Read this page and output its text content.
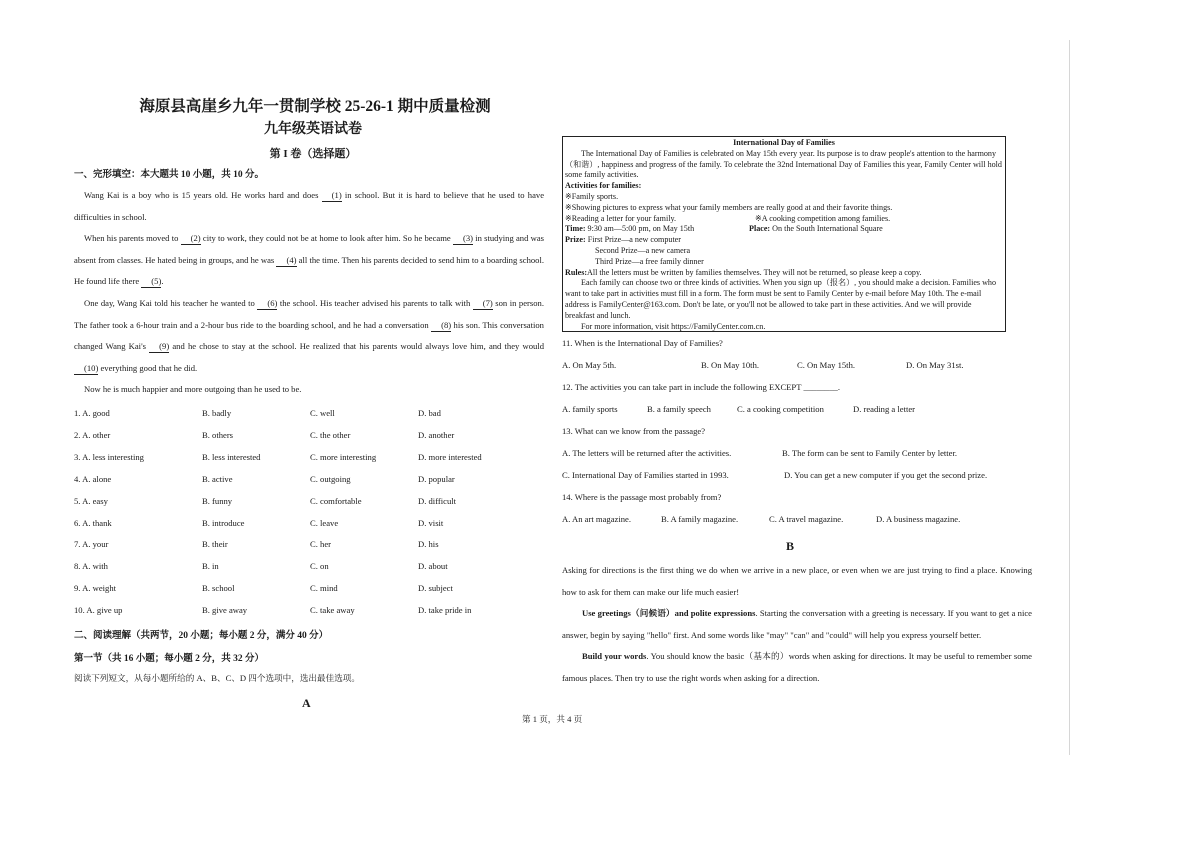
海原县高崖乡九年一贯制学校 25-26-1 期中质量检测
九年级英语试卷
第 I 卷（选择题）
一、完形填空：本大题共 10 小题，共 10 分。

Wang Kai is a boy who is 15 years old. He works hard and does (1) in school. But it is hard to believe that he used to have difficulties in school.

When his parents moved to (2) city to work, they could not be at home to look after him. So he became (3) in studying and was absent from classes. He hated being in groups, and he was (4) all the time. Then his parents decided to send him to a boarding school. He found life there (5).

One day, Wang Kai told his teacher he wanted to (6) the school. His teacher advised his parents to talk with (7) son in person. The father took a 6-hour train and a 2-hour bus ride to the boarding school, and he had a conversation (8) his son. This conversation changed Wang Kai's (9) and he chose to stay at the school. He realized that his parents would always love him, and they would (10) everything good that he did.

Now he is much happier and more outgoing than he used to be.

1. A. good	B. badly	C. well	D. bad
2. A. other	B. others	C. the other	D. another
3. A. less interesting	B. less interested	C. more interesting	D. more interested
4. A. alone	B. active	C. outgoing	D. popular
5. A. easy	B. funny	C. comfortable	D. difficult
6. A. thank	B. introduce	C. leave	D. visit
7. A. your	B. their	C. her	D. his
8. A. with	B. in	C. on	D. about
9. A. weight	B. school	C. mind	D. subject
10. A. give up	B. give away	C. take away	D. take pride in
二、阅读理解（共两节，20 小题；每小题 2 分，满分 40 分）
第一节（共 16 小题；每小题 2 分，共 32 分）
阅读下列短文，从每小题所给的 A、B、C、D 四个选项中，选出最佳选项。
A
International Day of Families

The International Day of Families is celebrated on May 15th every year. Its purpose is to draw people's attention to the harmony（和谐）, happiness and progress of the family. To celebrate the 32nd International Day of Families this year, Family Center will hold some family activities.

Activities for families:

※Family sports.

※Showing pictures to express what your family members are really good at and their favorite things.

※Reading a letter for your family.	※A cooking competition among families.

Time: 9:30 am—5:00 pm, on May 15th	Place: On the South International Square

Prize: First Prize—a new computer

Second Prize—a new camera

Third Prize—a free family dinner

Rules:All the letters must be written by families themselves. They will not be returned, so please keep a copy.

Each family can choose two or three kinds of activities. When you sign up（报名）, you should make a decision. Families who want to take part in activities must fill in a form. The form must be sent to Family Center by e-mail before May 10th. The e-mail address is FamilyCenter@163.com. Don't be late, or you'll not be allowed to take part in these activities. And we will provide breakfast and lunch.

For more information, visit https://FamilyCenter.com.cn.

11. When is the International Day of Families?
A. On May 5th.	B. On May 10th.	C. On May 15th.	D. On May 31st.
12. The activities you can take part in include the following EXCEPT ________.
A. family sports	B. a family speech	C. a cooking competition	D. reading a letter
13. What can we know from the passage?
A. The letters will be returned after the activities.	B. The form can be sent to Family Center by letter.
C. International Day of Families started in 1993.	D. You can get a new computer if you get the second prize.
14. Where is the passage most probably from?
A. An art magazine.	B. A family magazine.	C. A travel magazine.	D. A business magazine.
B

Asking for directions is the first thing we do when we arrive in a new place, or even when we are just trying to find a place. Knowing how to ask for them can make our life much easier!

Use greetings（问候语）and polite expressions. Starting the conversation with a greeting is necessary. If you want to get a nice answer, begin by saying "hello" first. And some words like "may" "can" and "could" will help you express yourself better.

Build your words. You should know the basic（基本的）words when asking for directions. It may be useful to remember some famous places. Then try to use the right words when asking for a direction.

第 1 页，共 4 页
